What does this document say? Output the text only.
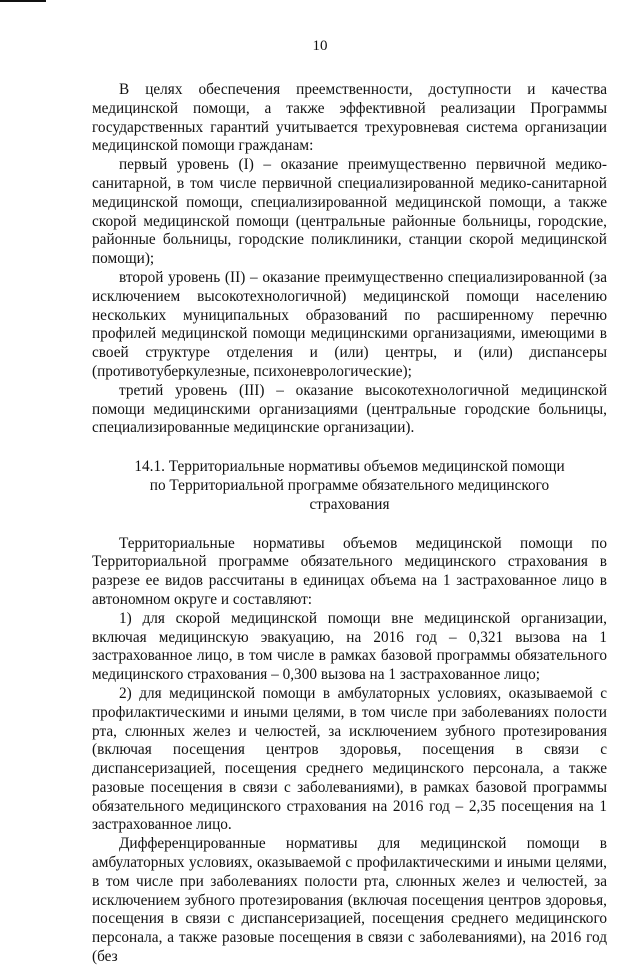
10

В целях обеспечения преемственности, доступности и качества медицинской помощи, а также эффективной реализации Программы государственных гарантий учитывается трехуровневая система организации медицинской помощи гражданам:

первый уровень (I) – оказание преимущественно первичной медико-санитарной, в том числе первичной специализированной медико-санитарной медицинской помощи, специализированной медицинской помощи, а также скорой медицинской помощи (центральные районные больницы, городские, районные больницы, городские поликлиники, станции скорой медицинской помощи);

второй уровень (II) – оказание преимущественно специализированной (за исключением высокотехнологичной) медицинской помощи населению нескольких муниципальных образований по расширенному перечню профилей медицинской помощи медицинскими организациями, имеющими в своей структуре отделения и (или) центры, и (или) диспансеры (противотуберкулезные, психоневрологические);

третий уровень (III) – оказание высокотехнологичной медицинской помощи медицинскими организациями (центральные городские больницы, специализированные медицинские организации).

14.1. Территориальные нормативы объемов медицинской помощи
по Территориальной программе обязательного медицинского
страхования

Территориальные нормативы объемов медицинской помощи по Территориальной программе обязательного медицинского страхования в разрезе ее видов рассчитаны в единицах объема на 1 застрахованное лицо в автономном округе и составляют:

1) для скорой медицинской помощи вне медицинской организации, включая медицинскую эвакуацию, на 2016 год – 0,321 вызова на 1 застрахованное лицо, в том числе в рамках базовой программы обязательного медицинского страхования – 0,300 вызова на 1 застрахованное лицо;

2) для медицинской помощи в амбулаторных условиях, оказываемой с профилактическими и иными целями, в том числе при заболеваниях полости рта, слюнных желез и челюстей, за исключением зубного протезирования (включая посещения центров здоровья, посещения в связи с диспансеризацией, посещения среднего медицинского персонала, а также разовые посещения в связи с заболеваниями), в рамках базовой программы обязательного медицинского страхования на 2016 год – 2,35 посещения на 1 застрахованное лицо.

Дифференцированные нормативы для медицинской помощи в амбулаторных условиях, оказываемой с профилактическими и иными целями, в том числе при заболеваниях полости рта, слюнных желез и челюстей, за исключением зубного протезирования (включая посещения центров здоровья, посещения в связи с диспансеризацией, посещения среднего медицинского персонала, а также разовые посещения в связи с заболеваниями), на 2016 год (без
